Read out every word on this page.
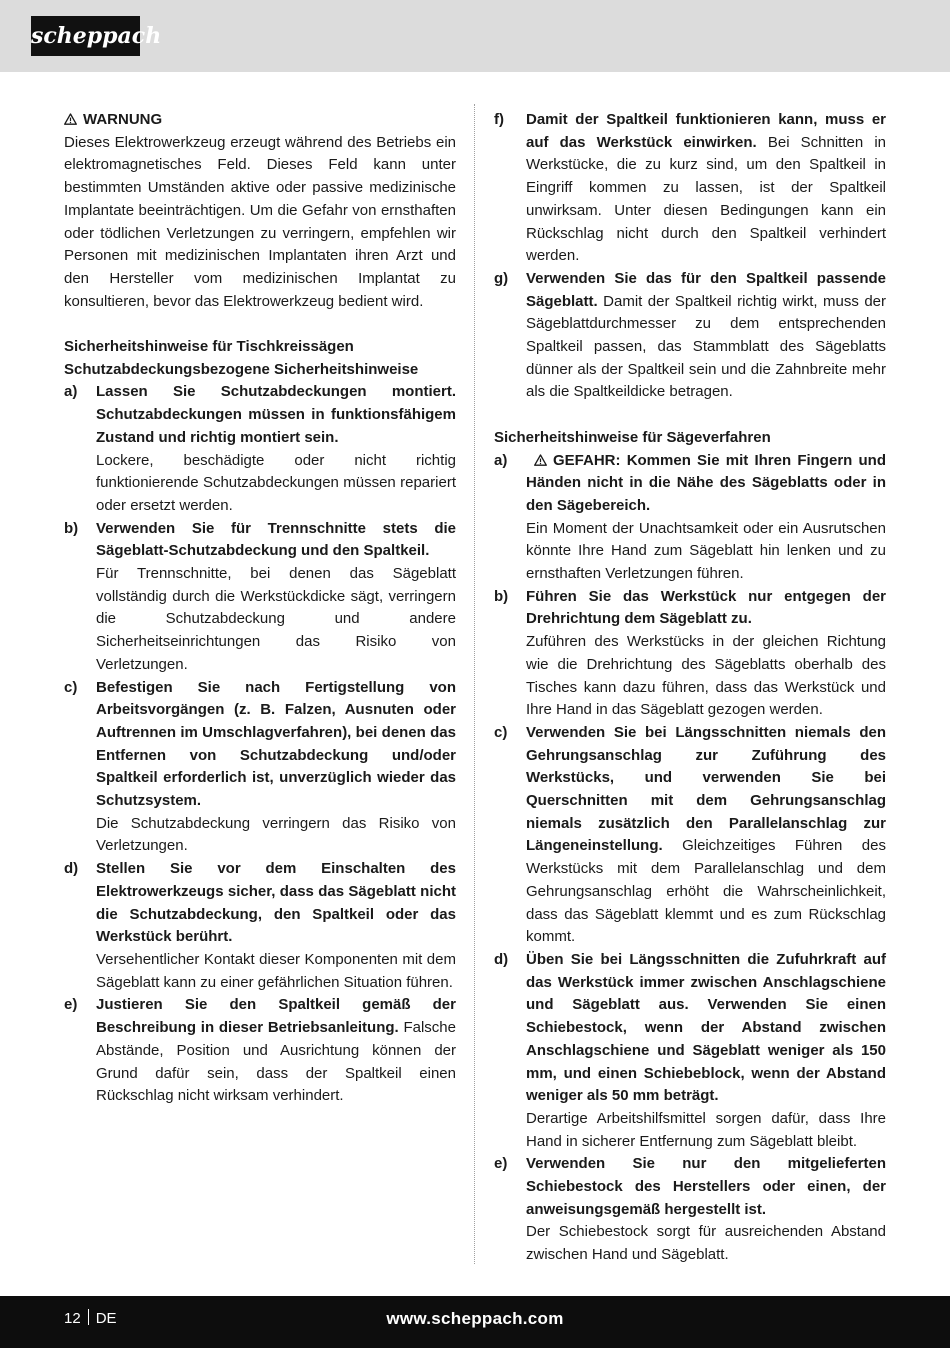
scheppach

WARNUNG

Dieses Elektrowerkzeug erzeugt während des Betriebs ein elektromagnetisches Feld. Dieses Feld kann unter bestimmten Umständen aktive oder passive medizinische Implantate beeinträchtigen. Um die Gefahr von ernsthaften oder tödlichen Verletzungen zu verringern, empfehlen wir Personen mit medizinischen Implantaten ihren Arzt und den Hersteller vom medizinischen Implantat zu konsultieren, bevor das Elektrowerkzeug bedient wird.

Sicherheitshinweise für Tischkreissägen

Schutzabdeckungsbezogene Sicherheitshinweise

a)	Lassen Sie Schutzabdeckungen montiert. Schutzabdeckungen müssen in funktionsfähigem Zustand und richtig montiert sein.

Lockere, beschädigte oder nicht richtig funktionierende Schutzabdeckungen müssen repariert oder ersetzt werden.

b)	Verwenden Sie für Trennschnitte stets die Sägeblatt-Schutzabdeckung und den Spaltkeil.

Für Trennschnitte, bei denen das Sägeblatt vollständig durch die Werkstückdicke sägt, verringern die Schutzabdeckung und andere Sicherheitseinrichtungen das Risiko von Verletzungen.

c)	Befestigen Sie nach Fertigstellung von Arbeitsvorgängen (z. B. Falzen, Ausnuten oder Auftrennen im Umschlagverfahren), bei denen das Entfernen von Schutzabdeckung und/oder Spaltkeil erforderlich ist, unverzüglich wieder das Schutzsystem.

Die Schutzabdeckung verringern das Risiko von Verletzungen.

d)	Stellen Sie vor dem Einschalten des Elektrowerkzeugs sicher, dass das Sägeblatt nicht die Schutzabdeckung, den Spaltkeil oder das Werkstück berührt.

Versehentlicher Kontakt dieser Komponenten mit dem Sägeblatt kann zu einer gefährlichen Situation führen.

e)	Justieren Sie den Spaltkeil gemäß der Beschreibung in dieser Betriebsanleitung. Falsche Abstände, Position und Ausrichtung können der Grund dafür sein, dass der Spaltkeil einen Rückschlag nicht wirksam verhindert.

f)	Damit der Spaltkeil funktionieren kann, muss er auf das Werkstück einwirken. Bei Schnitten in Werkstücke, die zu kurz sind, um den Spaltkeil in Eingriff kommen zu lassen, ist der Spaltkeil unwirksam. Unter diesen Bedingungen kann ein Rückschlag nicht durch den Spaltkeil verhindert werden.

g)	Verwenden Sie das für den Spaltkeil passende Sägeblatt. Damit der Spaltkeil richtig wirkt, muss der Sägeblattdurchmesser zu dem entsprechenden Spaltkeil passen, das Stammblatt des Sägeblatts dünner als der Spaltkeil sein und die Zahnbreite mehr als die Spaltkeildicke betragen.

Sicherheitshinweise für Sägeverfahren

a)	GEFAHR: Kommen Sie mit Ihren Fingern und Händen nicht in die Nähe des Sägeblatts oder in den Sägebereich.

Ein Moment der Unachtsamkeit oder ein Ausrutschen könnte Ihre Hand zum Sägeblatt hin lenken und zu ernsthaften Verletzungen führen.

b)	Führen Sie das Werkstück nur entgegen der Drehrichtung dem Sägeblatt zu.

Zuführen des Werkstücks in der gleichen Richtung wie die Drehrichtung des Sägeblatts oberhalb des Tisches kann dazu führen, dass das Werkstück und Ihre Hand in das Sägeblatt gezogen werden.

c)	Verwenden Sie bei Längsschnitten niemals den Gehrungsanschlag zur Zuführung des Werkstücks, und verwenden Sie bei Querschnitten mit dem Gehrungsanschlag niemals zusätzlich den Parallelanschlag zur Längeneinstellung. Gleichzeitiges Führen des Werkstücks mit dem Parallelanschlag und dem Gehrungsanschlag erhöht die Wahrscheinlichkeit, dass das Sägeblatt klemmt und es zum Rückschlag kommt.

d)	Üben Sie bei Längsschnitten die Zufuhrkraft auf das Werkstück immer zwischen Anschlagschiene und Sägeblatt aus. Verwenden Sie einen Schiebestock, wenn der Abstand zwischen Anschlagschiene und Sägeblatt weniger als 150 mm, und einen Schiebeblock, wenn der Abstand weniger als 50 mm beträgt.

Derartige Arbeitshilfsmittel sorgen dafür, dass Ihre Hand in sicherer Entfernung zum Sägeblatt bleibt.

e)	Verwenden Sie nur den mitgelieferten Schiebestock des Herstellers oder einen, der anweisungsgemäß hergestellt ist.

Der Schiebestock sorgt für ausreichenden Abstand zwischen Hand und Sägeblatt.

12 DE	www.scheppach.com
